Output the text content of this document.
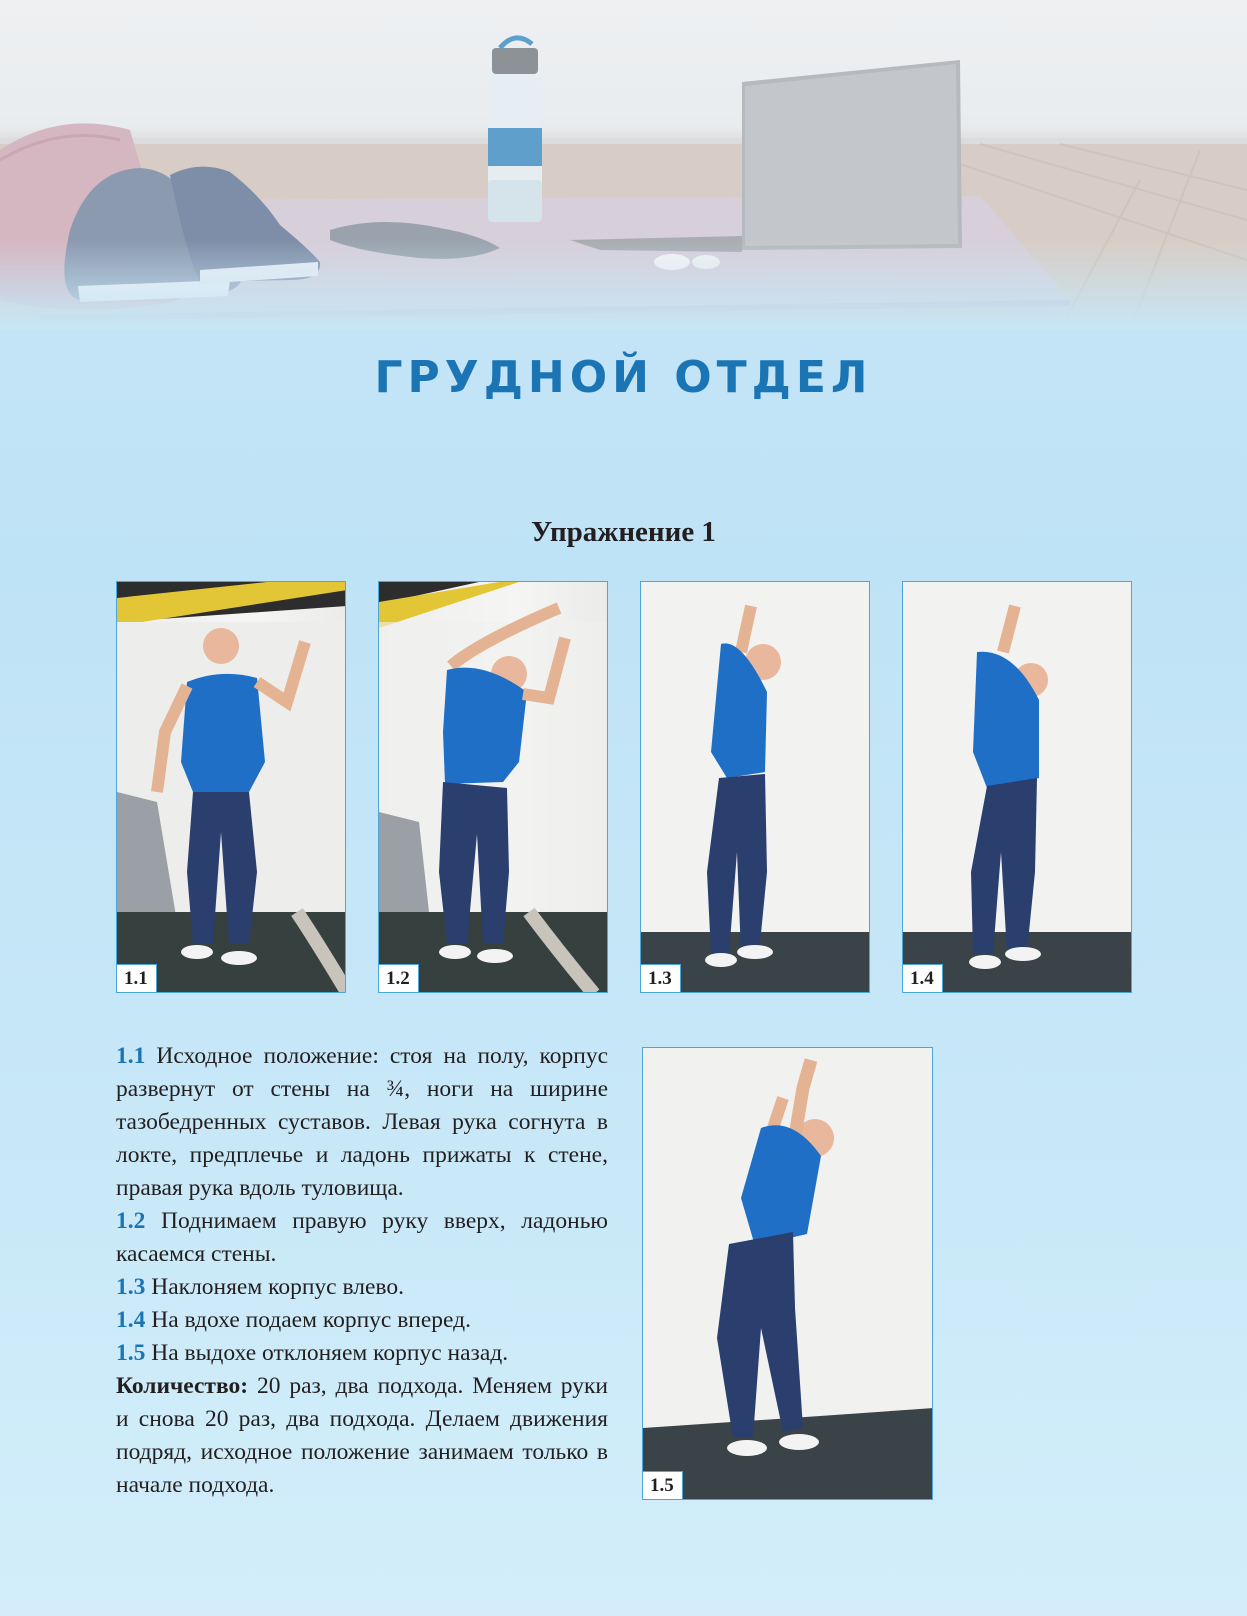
ГРУДНОЙ ОТДЕЛ
Упражнение 1
1.1	1.2	1.3	1.4

1.1 Исходное положение: стоя на полу, корпус развернут от стены на ¾, ноги на ширине тазобедренных суставов. Левая рука согнута в локте, предплечье и ладонь прижаты к стене, правая рука вдоль туловища.

1.2 Поднимаем правую руку вверх, ладонью касаемся стены.

1.3 Наклоняем корпус влево.

1.4 На вдохе подаем корпус вперед.

1.5 На выдохе отклоняем корпус назад.

Количество: 20 раз, два подхода. Меняем руки и снова 20 раз, два подхода. Делаем движения подряд, исходное положение занимаем только в начале подхода.	1.5
